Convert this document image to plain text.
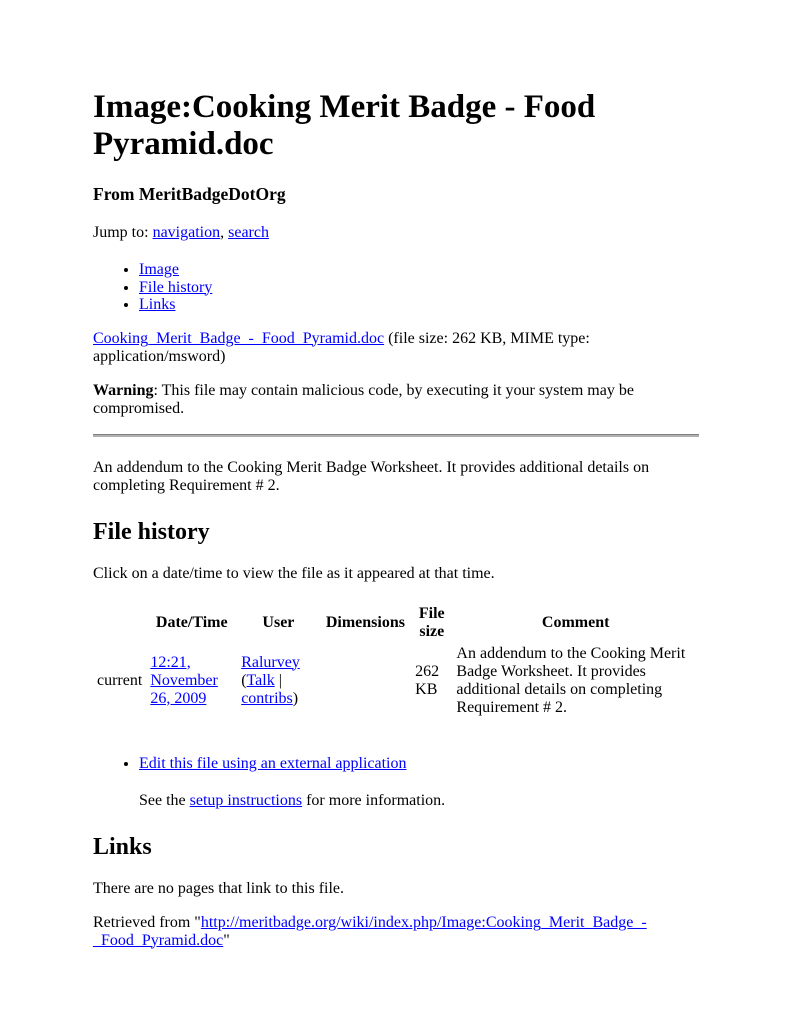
Image:Cooking Merit Badge - Food Pyramid.doc

From MeritBadgeDotOrg

Jump to: navigation, search

• Image
• File history
• Links

Cooking_Merit_Badge_-_Food_Pyramid.doc (file size: 262 KB, MIME type: application/msword)

Warning: This file may contain malicious code, by executing it your system may be compromised.

An addendum to the Cooking Merit Badge Worksheet. It provides additional details on completing Requirement # 2.

File history

Click on a date/time to view the file as it appeared at that time.

	Date/Time	User	Dimensions	File size	Comment
current	12:21, November 26, 2009	Ralurvey (Talk | contribs)		262 KB	An addendum to the Cooking Merit Badge Worksheet. It provides additional details on completing Requirement # 2.
• Edit this file using an external application

See the setup instructions for more information.

Links

There are no pages that link to this file.

Retrieved from "http://meritbadge.org/wiki/index.php/Image:Cooking_Merit_Badge_-_Food_Pyramid.doc"
